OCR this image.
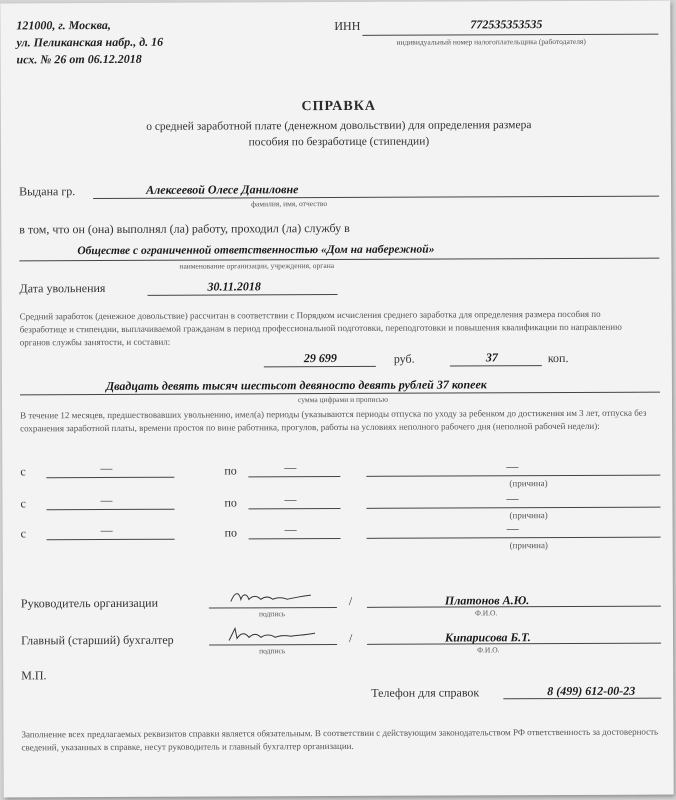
121000, г. Москва,
ул. Пеликанская набр., д. 16
исх. № 26 от 06.12.2018
ИНН	772535353535
индивидуальный номер налогоплательщика (работодателя)
СПРАВКА
о средней заработной плате (денежном довольствии) для определения размера
пособия по безработице (стипендии)
Выдана гр.	Алексеевой Олесе Даниловне
фамилия, имя, отчество
в том, что он (она) выполнял (ла) работу, проходил (ла) службу в
Обществе с ограниченной ответственностью «Дом на набережной»
наименование организации, учреждения, органа
Дата увольнения	30.11.2018
Средний заработок (денежное довольствие) рассчитан в соответствии с Порядком исчисления среднего заработка для определения размера пособия по безработице и стипендии, выплачиваемой гражданам в период профессиональной подготовки, переподготовки и повышения квалификации по направлению органов службы занятости, и составил:
29 699	руб.	37	коп.
Двадцать девять тысяч шестьсот девяносто девять рублей 37 копеек
сумма цифрами и прописью
В течение 12 месяцев, предшествовавших увольнению, имел(а) периоды (указываются периоды отпуска по уходу за ребенком до достижения им 3 лет, отпуска без сохранения заработной платы, времени простоя по вине работника, прогулов, работы на условиях неполного рабочего дня (неполной рабочей недели):
с	—	по	—	—
(причина)
с	—	по	—	—
(причина)
с	—	по	—	—
(причина)
Руководитель организации
подпись
/	Платонов А.Ю.
Ф.И.О.
Главный (старший) бухгалтер
подпись
/	Кипарисова Б.Т.
Ф.И.О.
М.П.
Телефон для справок	8 (499) 612-00-23
Заполнение всех предлагаемых реквизитов справки является обязательным. В соответствии с действующим законодательством РФ ответственность за достоверность сведений, указанных в справке, несут руководитель и главный бухгалтер организации.
